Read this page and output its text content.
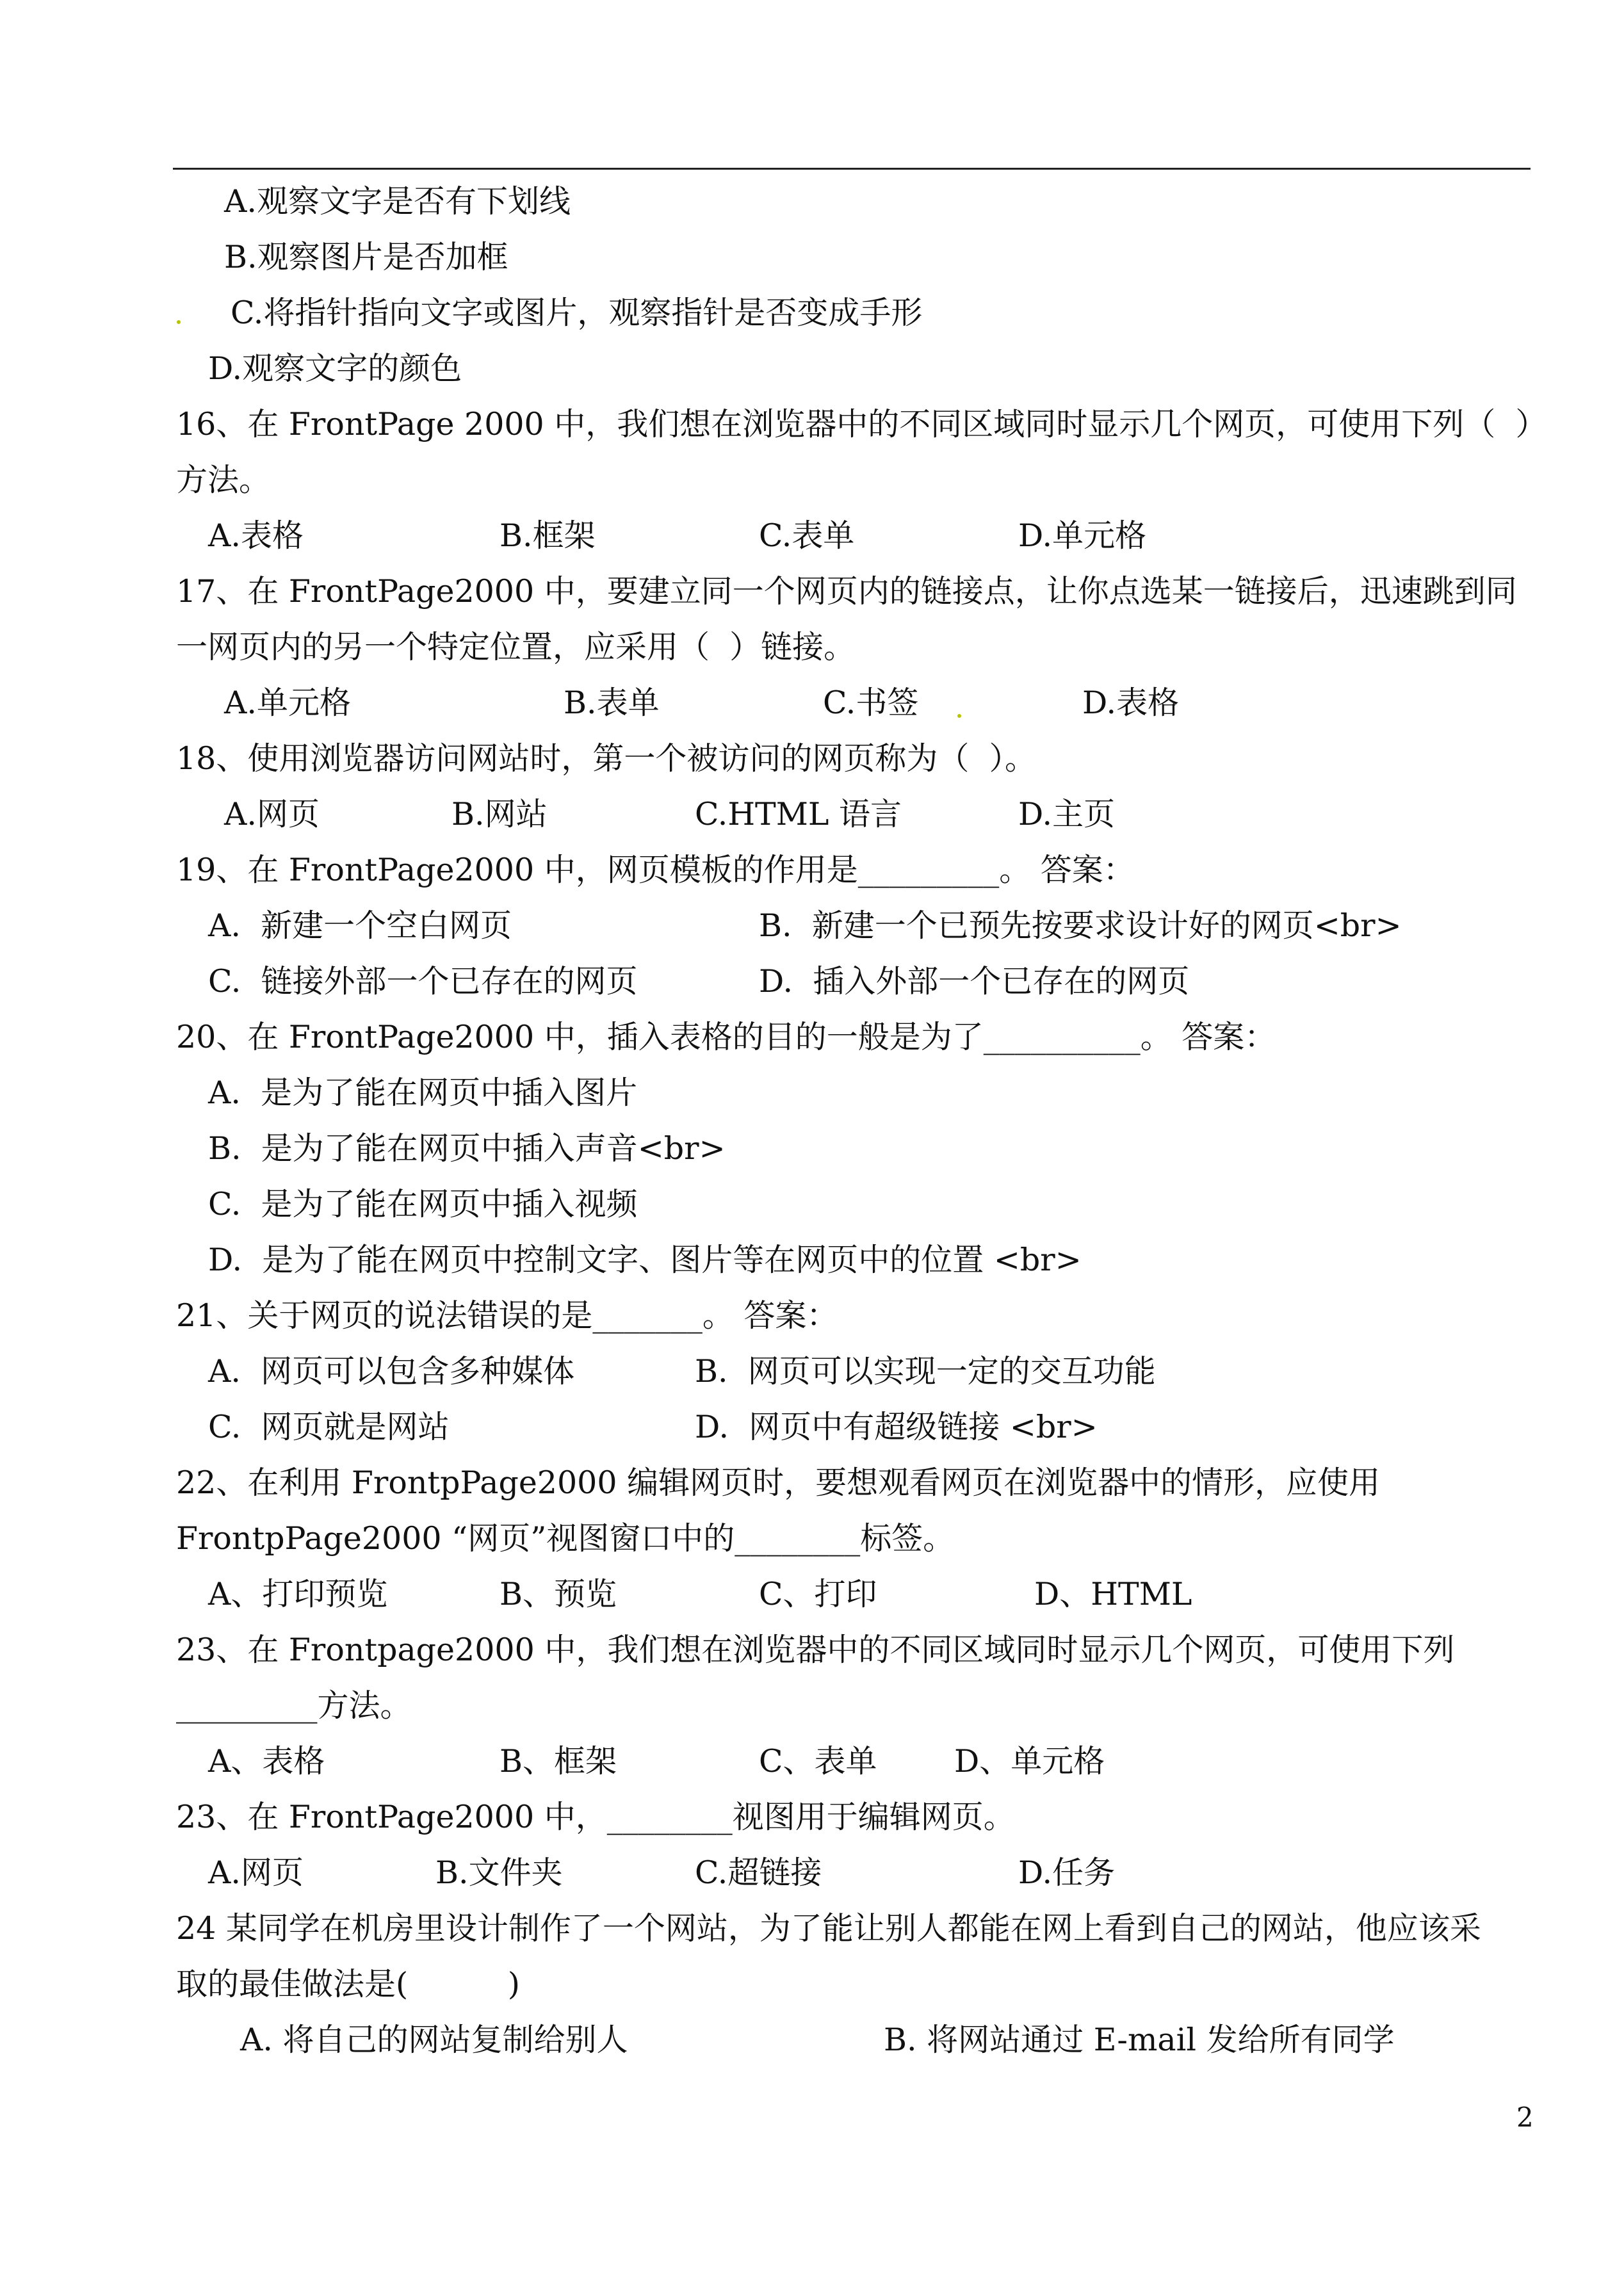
A.观察文字是否有下划线
B.观察图片是否加框
C.将指针指向文字或图片，观察指针是否变成手形
D.观察文字的颜色
16、在 FrontPage 2000 中，我们想在浏览器中的不同区域同时显示几个网页，可使用下列（  ）
方法。
A.表格	B.框架	C.表单	D.单元格
17、在 FrontPage2000 中，要建立同一个网页内的链接点，让你点选某一链接后，迅速跳到同
一网页内的另一个特定位置，应采用（  ）链接。
A.单元格	B.表单	C.书签	D.表格
18、使用浏览器访问网站时，第一个被访问的网页称为（  ）。
A.网页	B.网站	C.HTML 语言	D.主页
19、在 FrontPage2000 中，网页模板的作用是_________。 答案：
A.  新建一个空白网页	B.  新建一个已预先按要求设计好的网页<br>
C.  链接外部一个已存在的网页	D.  插入外部一个已存在的网页
20、在 FrontPage2000 中，插入表格的目的一般是为了__________。 答案：
A.  是为了能在网页中插入图片
B.  是为了能在网页中插入声音<br>
C.  是为了能在网页中插入视频
D.  是为了能在网页中控制文字、图片等在网页中的位置 <br>
21、关于网页的说法错误的是_______。 答案：
A.  网页可以包含多种媒体	B.  网页可以实现一定的交互功能
C.  网页就是网站	D.  网页中有超级链接 <br>
22、在利用 FrontpPage2000 编辑网页时，要想观看网页在浏览器中的情形，应使用
FrontpPage2000 “网页”视图窗口中的________标签。
A、打印预览	B、预览	C、打印	D、HTML
23、在 Frontpage2000 中，我们想在浏览器中的不同区域同时显示几个网页，可使用下列
_________方法。
A、表格	B、框架	C、表单 D、单元格
23、在 FrontPage2000 中，________视图用于编辑网页。
A.网页	B.文件夹	C.超链接	D.任务
24 某同学在机房里设计制作了一个网站，为了能让别人都能在网上看到自己的网站，他应该采
取的最佳做法是(          )
A. 将自己的网站复制给别人	B. 将网站通过 E-mail 发给所有同学
2
